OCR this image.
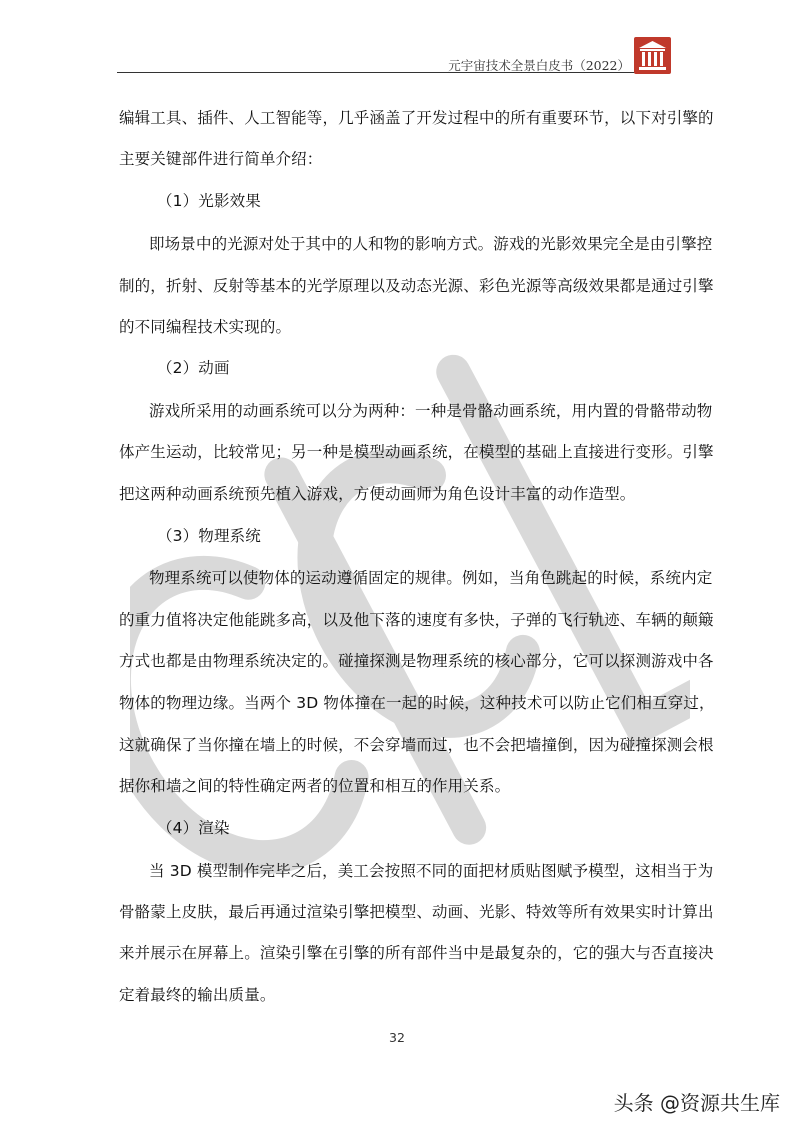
元宇宙技术全景白皮书（2022）
编辑工具、插件、人工智能等，几乎涵盖了开发过程中的所有重要环节，以下对引擎的
主要关键部件进行简单介绍：
（1）光影效果
即场景中的光源对处于其中的人和物的影响方式。游戏的光影效果完全是由引擎控
制的，折射、反射等基本的光学原理以及动态光源、彩色光源等高级效果都是通过引擎
的不同编程技术实现的。
（2）动画
游戏所采用的动画系统可以分为两种：一种是骨骼动画系统，用内置的骨骼带动物
体产生运动，比较常见；另一种是模型动画系统，在模型的基础上直接进行变形。引擎
把这两种动画系统预先植入游戏，方便动画师为角色设计丰富的动作造型。
（3）物理系统
物理系统可以使物体的运动遵循固定的规律。例如，当角色跳起的时候，系统内定
的重力值将决定他能跳多高，以及他下落的速度有多快，子弹的飞行轨迹、车辆的颠簸
方式也都是由物理系统决定的。碰撞探测是物理系统的核心部分，它可以探测游戏中各
物体的物理边缘。当两个 3D 物体撞在一起的时候，这种技术可以防止它们相互穿过，
这就确保了当你撞在墙上的时候，不会穿墙而过，也不会把墙撞倒，因为碰撞探测会根
据你和墙之间的特性确定两者的位置和相互的作用关系。
（4）渲染
当 3D 模型制作完毕之后，美工会按照不同的面把材质贴图赋予模型，这相当于为
骨骼蒙上皮肤，最后再通过渲染引擎把模型、动画、光影、特效等所有效果实时计算出
来并展示在屏幕上。渲染引擎在引擎的所有部件当中是最复杂的，它的强大与否直接决
定着最终的输出质量。
32
头条 @资源共生库
